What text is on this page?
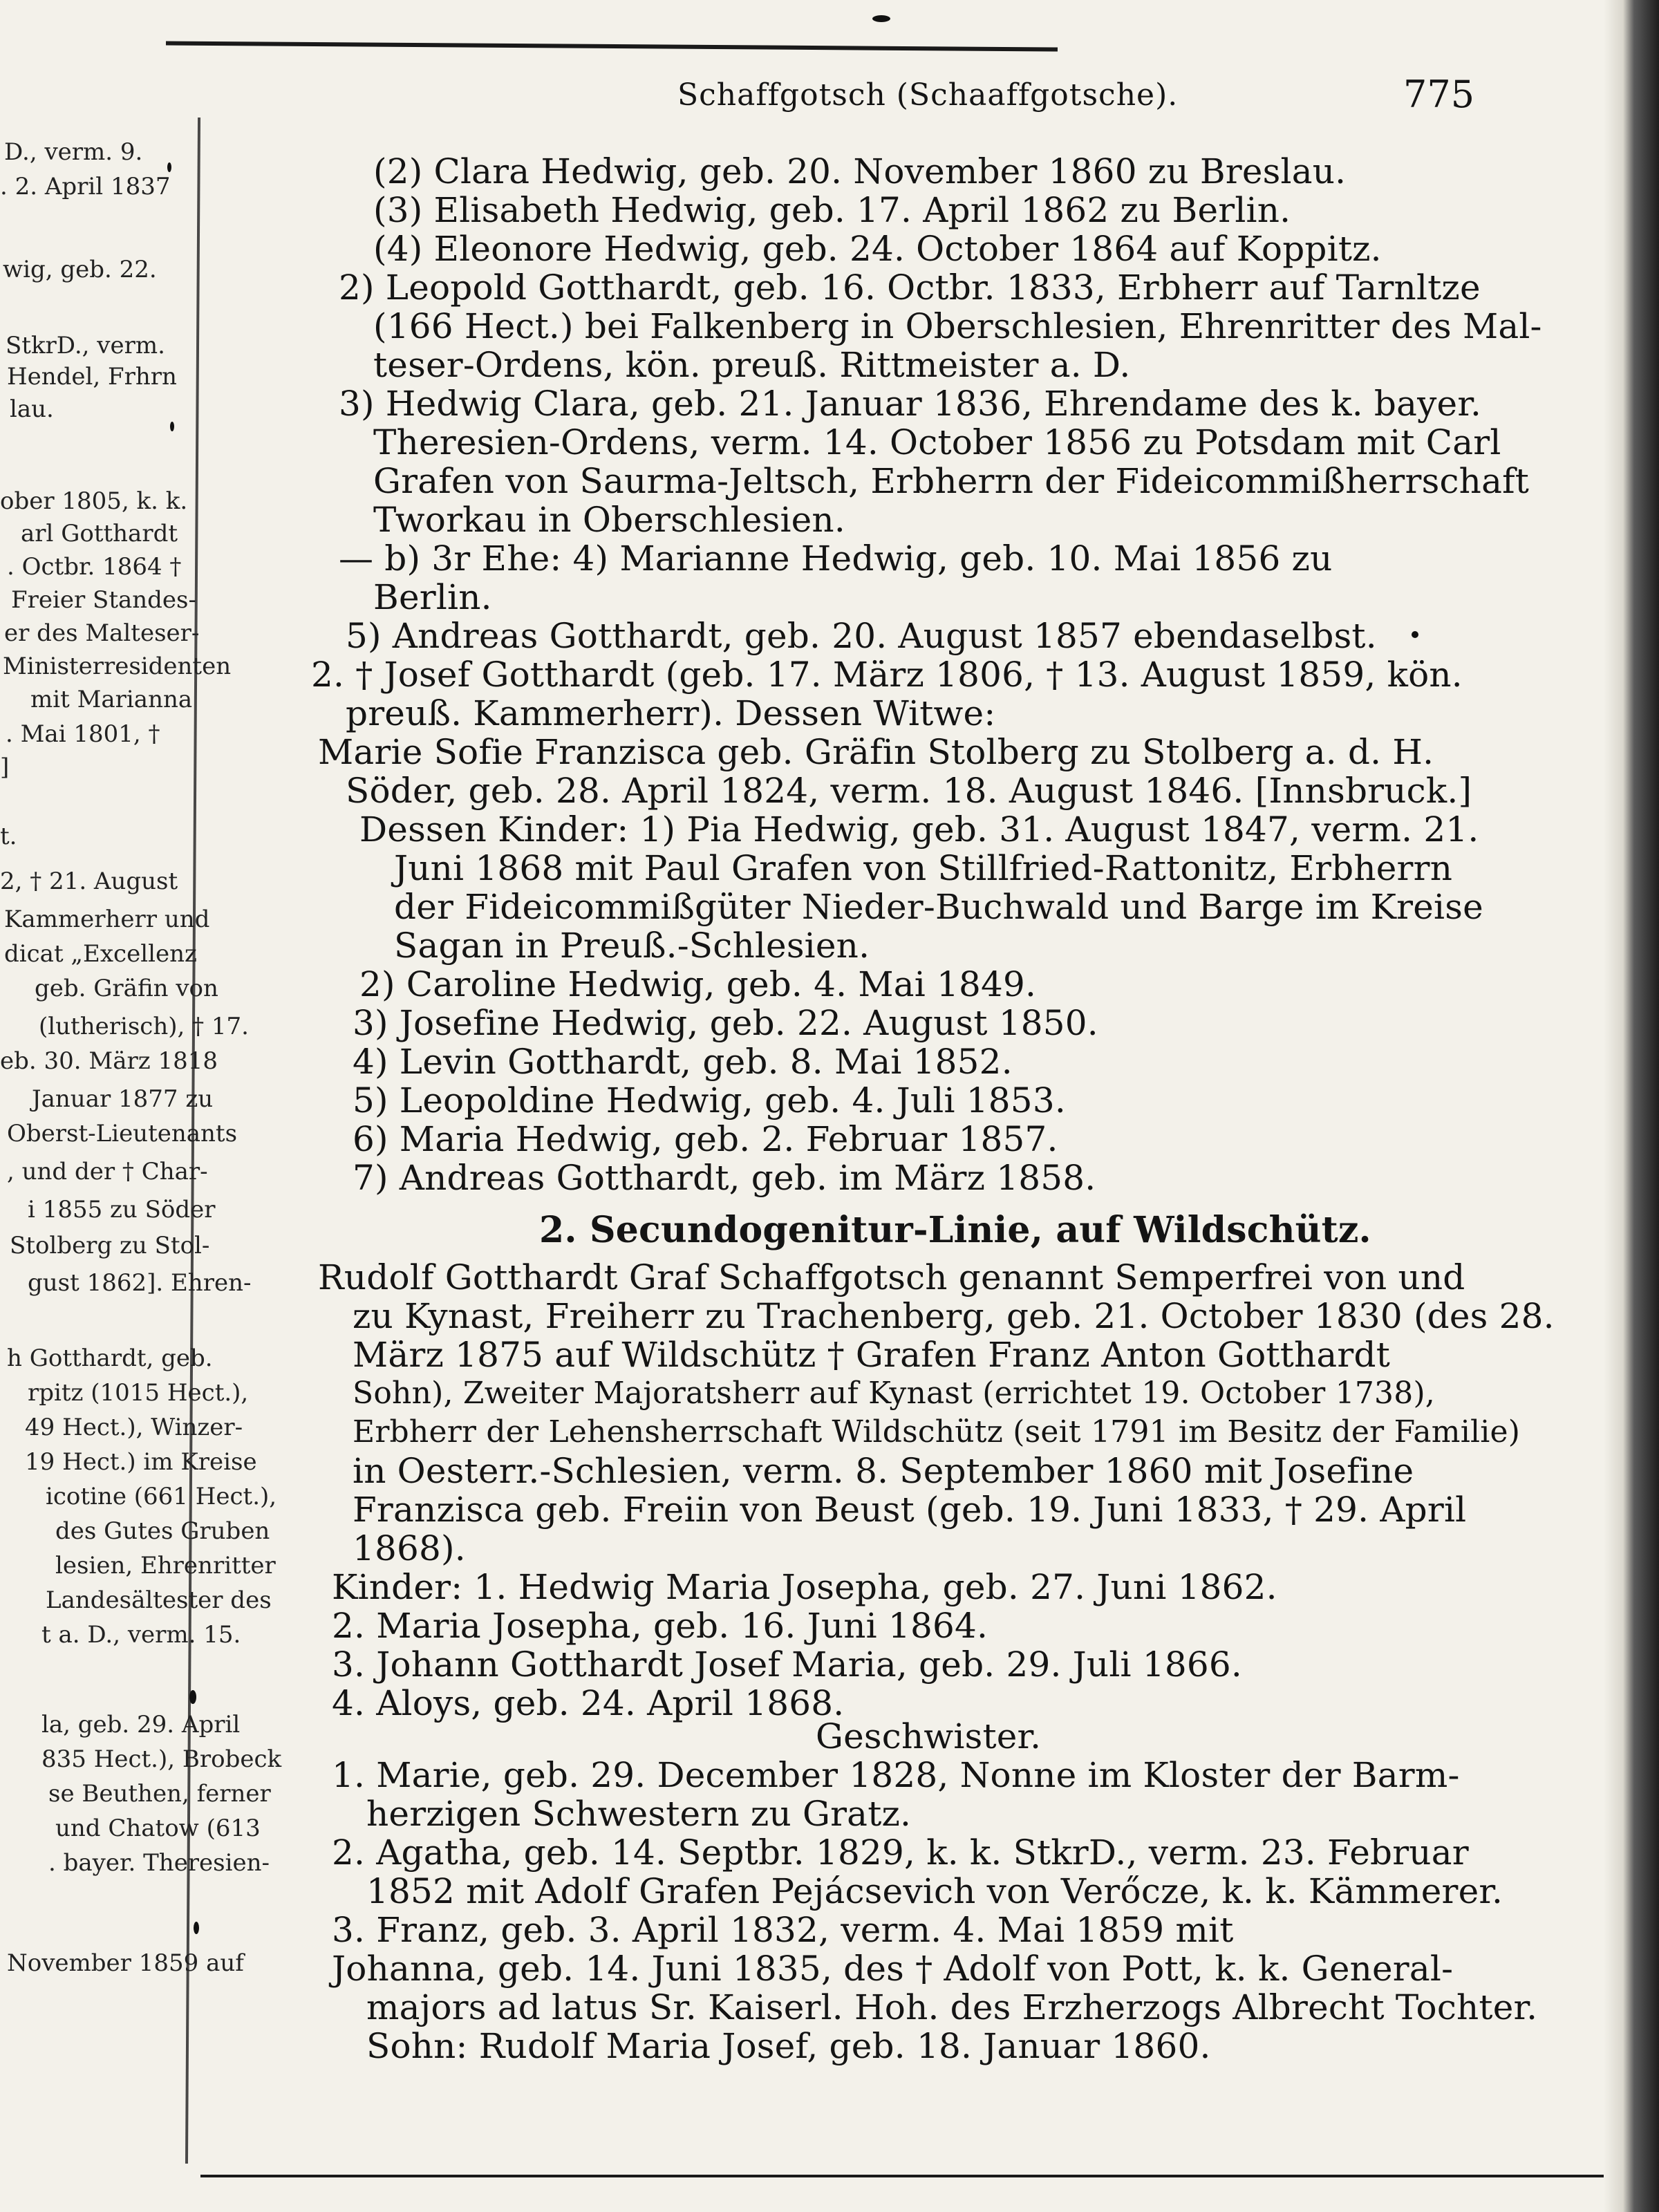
Schaffgotsch (Schaaffgotsche).	775
D., verm. 9.
. 2. April 1837
wig, geb. 22.
StkrD., verm.
Hendel, Frhrn
lau.
ober 1805, k. k.
arl Gotthardt
. Octbr. 1864 †
Freier Standes-
er des Malteser-
Ministerresidenten
mit Marianna
. Mai 1801, †
]
t.
2, † 21. August
Kammerherr und
dicat „Excellenz
geb. Gräfin von
(lutherisch), † 17.
eb. 30. März 1818
Januar 1877 zu
Oberst-Lieutenants
, und der † Char-
i 1855 zu Söder
Stolberg zu Stol-
gust 1862]. Ehren-
h Gotthardt, geb.
rpitz (1015 Hect.),
49 Hect.), Winzer-
19 Hect.) im Kreise
icotine (661 Hect.),
des Gutes Gruben
lesien, Ehrenritter
Landesältester des
t a. D., verm. 15.
la, geb. 29. April
835 Hect.), Brobeck
se Beuthen, ferner
und Chatow (613
. bayer. Theresien-
November 1859 auf
(2) Clara Hedwig, geb. 20. November 1860 zu Breslau.
(3) Elisabeth Hedwig, geb. 17. April 1862 zu Berlin.
(4) Eleonore Hedwig, geb. 24. October 1864 auf Koppitz.
2) Leopold Gotthardt, geb. 16. Octbr. 1833, Erbherr auf Tarnltze
(166 Hect.) bei Falkenberg in Oberschlesien, Ehrenritter des Mal-
teser-Ordens, kön. preuß. Rittmeister a. D.
3) Hedwig Clara, geb. 21. Januar 1836, Ehrendame des k. bayer.
Theresien-Ordens, verm. 14. October 1856 zu Potsdam mit Carl
Grafen von Saurma-Jeltsch, Erbherrn der Fideicommißherrschaft
Tworkau in Oberschlesien.
— b) 3r Ehe: 4) Marianne Hedwig, geb. 10. Mai 1856 zu
Berlin.
5) Andreas Gotthardt, geb. 20. August 1857 ebendaselbst.
2. † Josef Gotthardt (geb. 17. März 1806, † 13. August 1859, kön.
preuß. Kammerherr). Dessen Witwe:
Marie Sofie Franzisca geb. Gräfin Stolberg zu Stolberg a. d. H.
Söder, geb. 28. April 1824, verm. 18. August 1846. [Innsbruck.]
Dessen Kinder: 1) Pia Hedwig, geb. 31. August 1847, verm. 21.
Juni 1868 mit Paul Grafen von Stillfried-Rattonitz, Erbherrn
der Fideicommißgüter Nieder-Buchwald und Barge im Kreise
Sagan in Preuß.-Schlesien.
2) Caroline Hedwig, geb. 4. Mai 1849.
3) Josefine Hedwig, geb. 22. August 1850.
4) Levin Gotthardt, geb. 8. Mai 1852.
5) Leopoldine Hedwig, geb. 4. Juli 1853.
6) Maria Hedwig, geb. 2. Februar 1857.
7) Andreas Gotthardt, geb. im März 1858.
2. Secundogenitur-Linie, auf Wildschütz.
Rudolf Gotthardt Graf Schaffgotsch genannt Semperfrei von und
zu Kynast, Freiherr zu Trachenberg, geb. 21. October 1830 (des 28.
März 1875 auf Wildschütz † Grafen Franz Anton Gotthardt
Sohn), Zweiter Majoratsherr auf Kynast (errichtet 19. October 1738),
Erbherr der Lehensherrschaft Wildschütz (seit 1791 im Besitz der Familie)
in Oesterr.-Schlesien, verm. 8. September 1860 mit Josefine
Franzisca geb. Freiin von Beust (geb. 19. Juni 1833, † 29. April
1868).
Kinder: 1. Hedwig Maria Josepha, geb. 27. Juni 1862.
2. Maria Josepha, geb. 16. Juni 1864.
3. Johann Gotthardt Josef Maria, geb. 29. Juli 1866.
4. Aloys, geb. 24. April 1868.
Geschwister.
1. Marie, geb. 29. December 1828, Nonne im Kloster der Barm-
herzigen Schwestern zu Gratz.
2. Agatha, geb. 14. Septbr. 1829, k. k. StkrD., verm. 23. Februar
1852 mit Adolf Grafen Pejácsevich von Verőcze, k. k. Kämmerer.
3. Franz, geb. 3. April 1832, verm. 4. Mai 1859 mit
Johanna, geb. 14. Juni 1835, des † Adolf von Pott, k. k. General-
majors ad latus Sr. Kaiserl. Hoh. des Erzherzogs Albrecht Tochter.
Sohn: Rudolf Maria Josef, geb. 18. Januar 1860.
